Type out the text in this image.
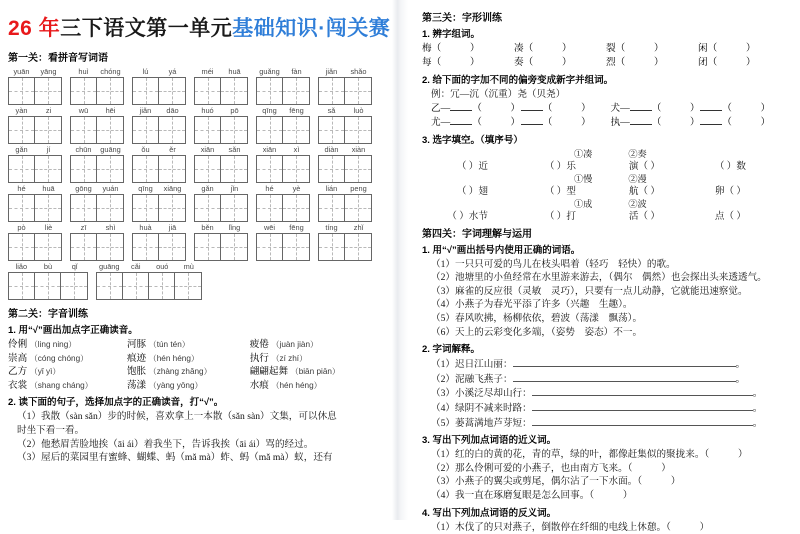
26 年三下语文第一单元基础知识·闯关赛
第一关：看拼音写词语
yuān	yāng	huì	chóng	lú	yá	méi	huā	guǎng	fàn	jiǎn	shǎo
yàn	zi	wū	hēi	jiǎn	dāo	huó	pō	qīng	fēng	sǎ	luò
gǎn	jí	chūn	guāng	ǒu	ěr	xiān	sǎn	xiān	xì	diàn	xiàn
hé	huā	gōng	yuán	qīng	xiāng	gǎn	jǐn	hé	yè	lián	peng
pò	liè	zī	shì	huà	jiā	běn	lǐng	wēi	fēng	tíng	zhǐ
liǎo	bù	qǐ	guāng	cǎi	ouó	mù
第二关：字音训练
1. 用“√”画出加点字正确读音。
伶俐 （ling ning）	河豚 （tún tén）	疲倦 （juàn jiàn）
崇高 （cóng chóng）	痕迹 （hén héng）	执行 （zí zhí）
乙方 （yǐ yì）	饱胀 （zhàng zhǎng）	翩翩起舞 （biān piān）
衣裳 （shang cháng）	荡漾 （yàng yōng）	水痕 （hén héng）
2. 读下面的句子，选择加点字的正确读音，打“√”。
（1）我散（sàn sǎn）步的时候，喜欢拿上一本散（sǎn sàn）文集，可以休息
时坐下看一看。
（2）他愁眉苦脸地挨（āi ái）着我坐下，告诉我挨（āi ái）骂的经过。
（3）屋后的菜园里有蜜蜂、蝴蝶、蚂（mǎ mà）蚱、蚂（mǎ mà）蚁，还有
第三关：字形训练
1. 辨字组词。
梅（   ）	凑（   ）	裂（   ）	闲（   ）
每（   ）	奏（   ）	烈（   ）	闭（   ）
2. 给下面的字加不同的偏旁变成新字并组词。
例：冗—沉（沉重）尧（贝尧）
乙— （   ）	（   ）	犬— （   ）	（   ）
尤— （   ）	（   ）	执— （   ）	（   ）
3. 选字填空。（填序号）
①凑	②奏
（ ）近	（ ）乐	演（ ）	（ ）数
①慢	②漫
（ ）翅	（ ）型	航（ ）	卵（ ）
①成	②波
（ ）水节	（ ）打	活（ ）	点（ ）
第四关：字词理解与运用
1. 用“√”画出括号内使用正确的词语。
（1）一只只可爱的鸟儿在枝头唱着（轻巧　轻快）的歌。
（2）池塘里的小鱼经常在水里游来游去，（偶尔　偶然）也会探出头来透透气。
（3）麻雀的反应很（灵敏　灵巧），只要有一点儿动静，它就能迅速察觉。
（4）小燕子为春光平添了许多（兴趣　生趣）。
（5）春风吹拂，杨柳依依，碧波（荡漾　飘荡）。
（6）天上的云彩变化多端，（姿势　姿态）不一。
2. 字词解释。
（1）迟日江山丽：	。
（2）泥融飞燕子：	。
（3）小溪泛尽却山行：	。
（4）绿阴不减来时路：	。
（5）蒌蒿满地芦芽短：	。
3. 写出下列加点词语的近义词。
（1）红的白的黄的花，青的草，绿的叶，都像赶集似的聚拢来。（　　　）
（2）那么伶俐可爱的小燕子，也由南方飞来。（　　　）
（3）小燕子的翼尖或剪尾，偶尔沾了一下水面。（　　　）
（4）我一直在琢磨复眼是怎么回事。（　　　）
4. 写出下列加点词语的反义词。
（1）木伐了的只对燕子，倒散停在纤细的电线上休憩。（　　　）
